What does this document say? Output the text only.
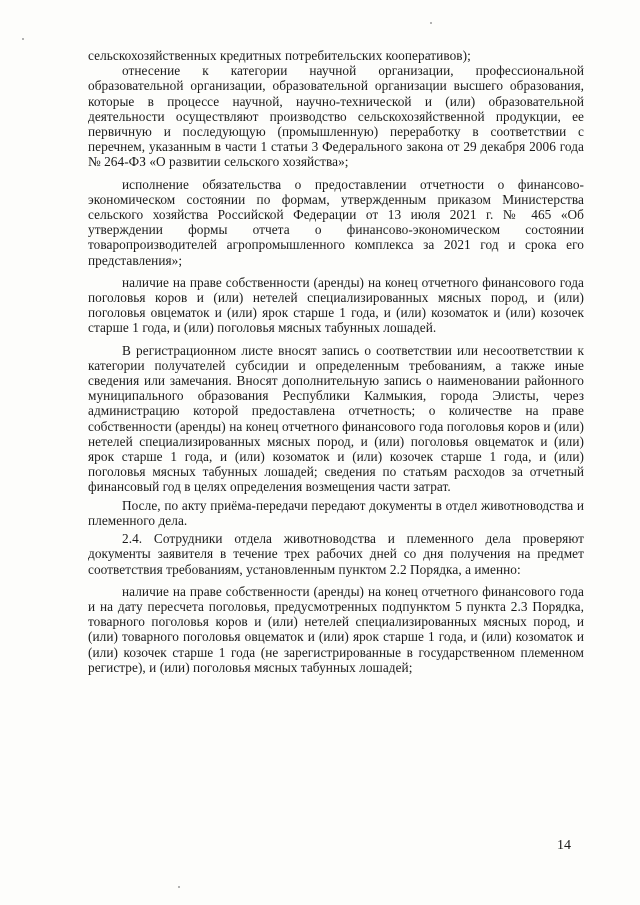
сельскохозяйственных кредитных потребительских кооперативов);

отнесение к категории научной организации, профессиональной образовательной организации, образовательной организации высшего образования, которые в процессе научной, научно-технической и (или) образовательной деятельности осуществляют производство сельскохозяйственной продукции, ее первичную и последующую (промышленную) переработку в соответствии с перечнем, указанным в части 1 статьи 3 Федерального закона от 29 декабря 2006 года № 264-ФЗ «О развитии сельского хозяйства»;

исполнение обязательства о предоставлении отчетности о финансово-экономическом состоянии по формам, утвержденным приказом Министерства сельского хозяйства Российской Федерации от 13 июля 2021 г. № 465 «Об утверждении формы отчета о финансово-экономическом состоянии товаропроизводителей агропромышленного комплекса за 2021 год и срока его представления»;

наличие на праве собственности (аренды) на конец отчетного финансового года поголовья коров и (или) нетелей специализированных мясных пород, и (или) поголовья овцематок и (или) ярок старше 1 года, и (или) козоматок и (или) козочек старше 1 года, и (или) поголовья мясных табунных лошадей.

В регистрационном листе вносят запись о соответствии или несоответствии к категории получателей субсидии и определенным требованиям, а также иные сведения или замечания. Вносят дополнительную запись о наименовании районного муниципального образования Республики Калмыкия, города Элисты, через администрацию которой предоставлена отчетность; о количестве на праве собственности (аренды) на конец отчетного финансового года поголовья коров и (или) нетелей специализированных мясных пород, и (или) поголовья овцематок и (или) ярок старше 1 года, и (или) козоматок и (или) козочек старше 1 года, и (или) поголовья мясных табунных лошадей; сведения по статьям расходов за отчетный финансовый год в целях определения возмещения части затрат.

После, по акту приёма-передачи передают документы в отдел животноводства и племенного дела.

2.4. Сотрудники отдела животноводства и племенного дела проверяют документы заявителя в течение трех рабочих дней со дня получения на предмет соответствия требованиям, установленным пунктом 2.2 Порядка, а именно:

наличие на праве собственности (аренды) на конец отчетного финансового года и на дату пересчета поголовья, предусмотренных подпунктом 5 пункта 2.3 Порядка, товарного поголовья коров и (или) нетелей специализированных мясных пород, и (или) товарного поголовья овцематок и (или) ярок старше 1 года, и (или) козоматок и (или) козочек старше 1 года (не зарегистрированные в государственном племенном регистре), и (или) поголовья мясных табунных лошадей;

14
